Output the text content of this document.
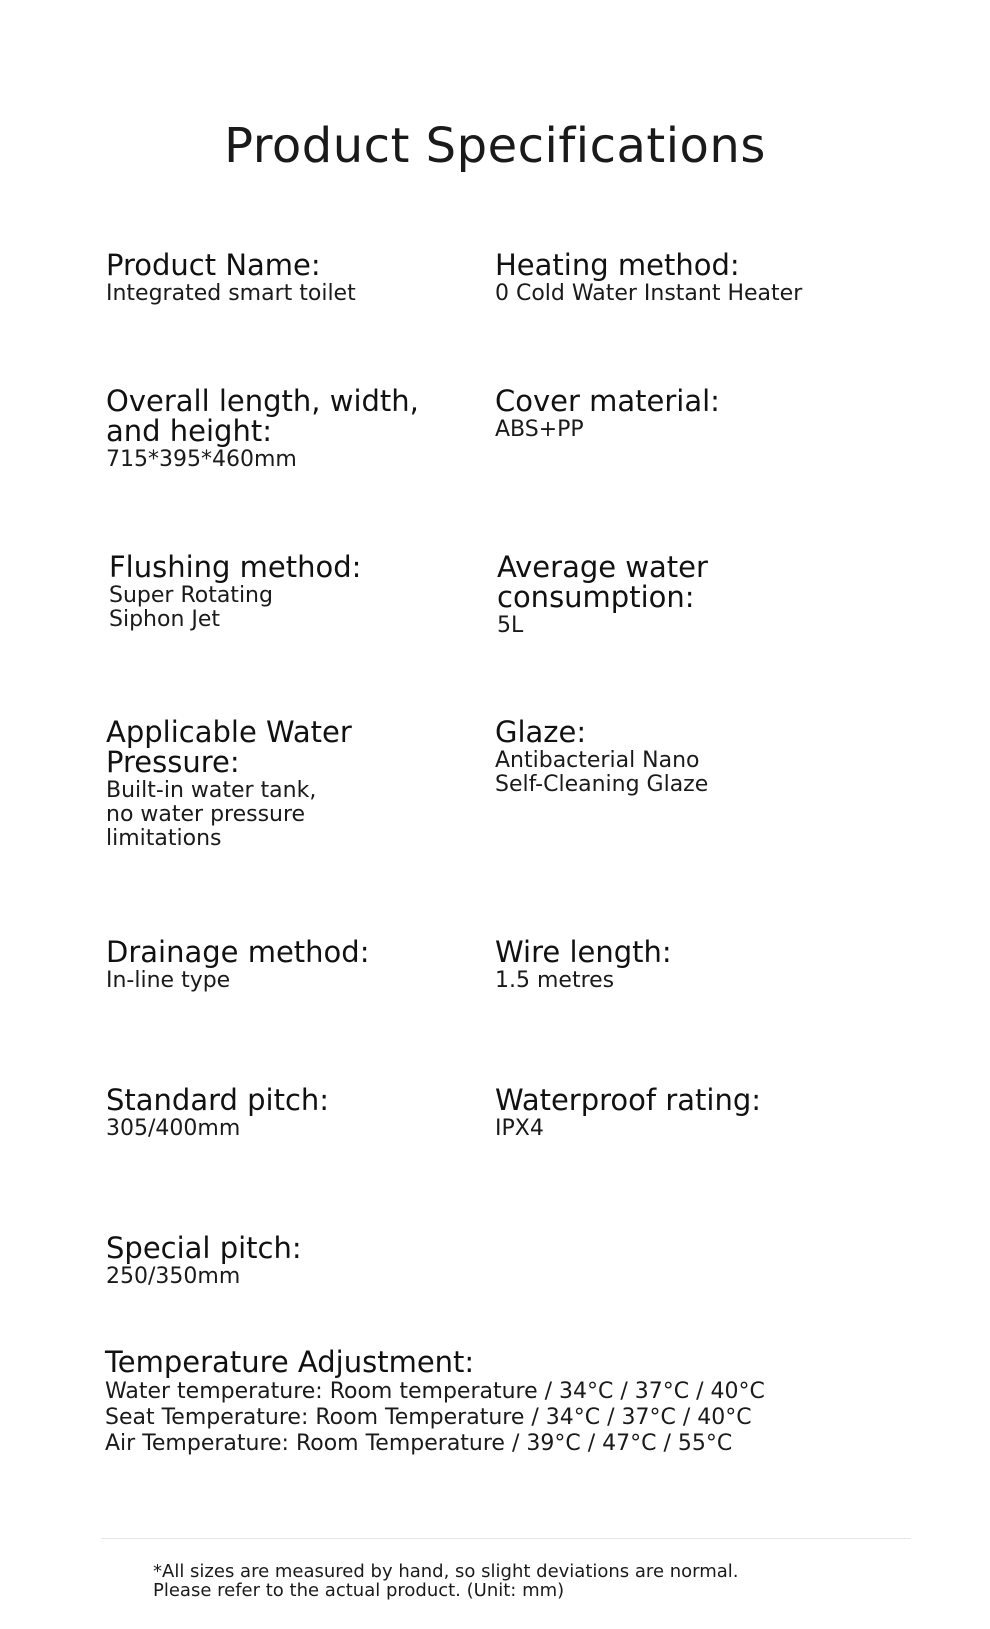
Product Specifications
Product Name:
Integrated smart toilet
Heating method:
0 Cold Water Instant Heater
Overall length, width,
and height:
715*395*460mm
Cover material:
ABS+PP
Flushing method:
Super Rotating
Siphon Jet
Average water
consumption:
5L
Applicable Water
Pressure:
Built-in water tank,
no water pressure
limitations
Glaze:
Antibacterial Nano
Self-Cleaning Glaze
Drainage method:
In-line type
Wire length:
1.5 metres
Standard pitch:
305/400mm
Waterproof rating:
IPX4
Special pitch:
250/350mm
Temperature Adjustment:
Water temperature: Room temperature / 34°C / 37°C / 40°C
Seat Temperature: Room Temperature / 34°C / 37°C / 40°C
Air Temperature: Room Temperature / 39°C / 47°C / 55°C
*All sizes are measured by hand, so slight deviations are normal.
Please refer to the actual product. (Unit: mm)
